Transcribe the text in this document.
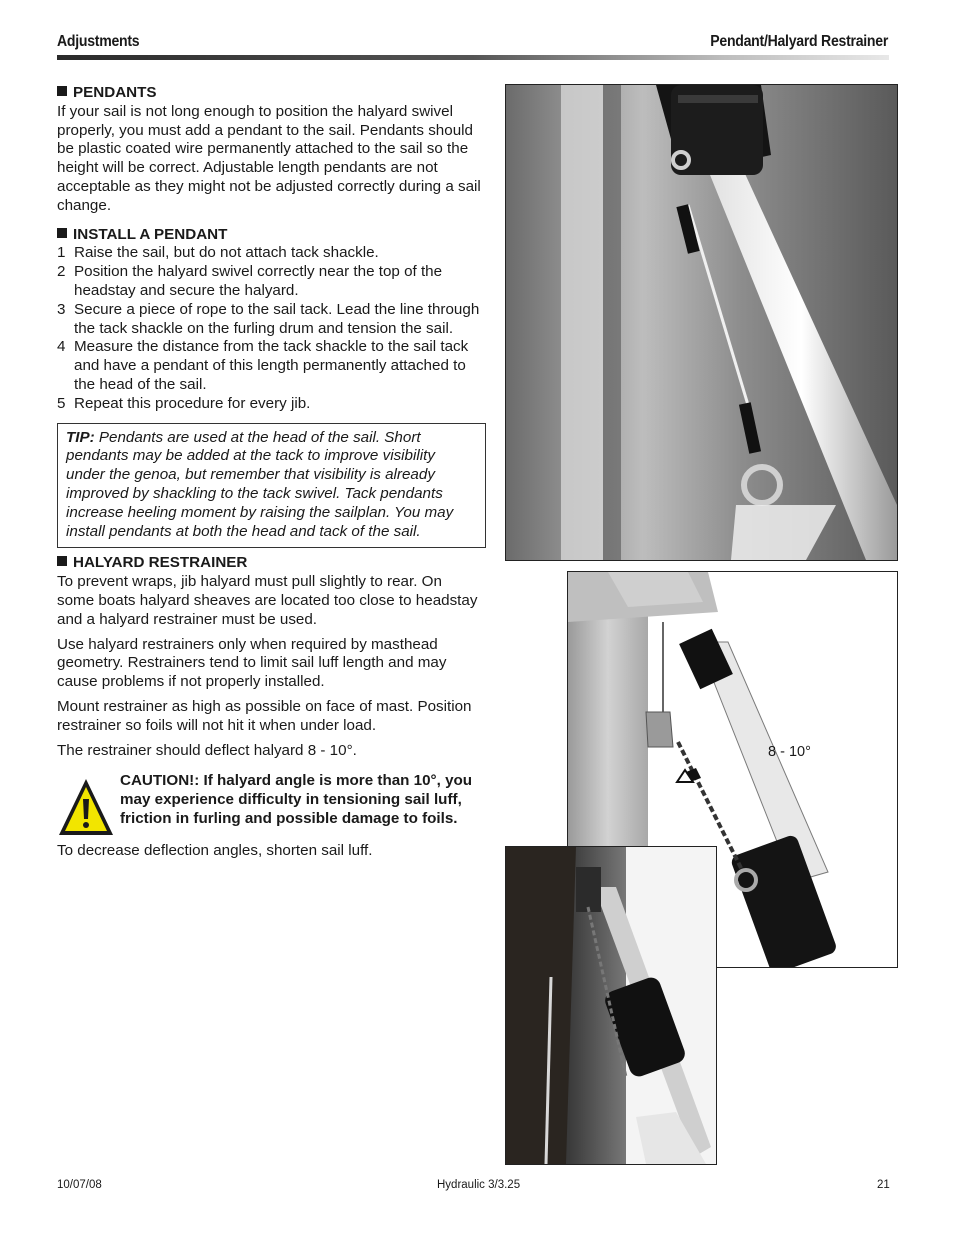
Adjustments	Pendant/Halyard Restrainer

PENDANTS

If your sail is not long enough to position the halyard swivel properly, you must add a pendant to the sail. Pendants should be plastic coated wire permanently attached to the sail so the height will be correct. Adjustable length pendants are not acceptable as they might not be adjusted correctly during a sail change.

INSTALL A PENDANT

1 Raise the sail, but do not attach tack shackle.
2 Position the halyard swivel correctly near the top of the headstay and secure the halyard.
3 Secure a piece of rope to the sail tack. Lead the line through the tack shackle on the furling drum and tension the sail.
4 Measure the distance from the tack shackle to the sail tack and have a pendant of this length permanently attached to the head of the sail.
5 Repeat this procedure for every jib.
TIP: Pendants are used at the head of the sail. Short pendants may be added at the tack to improve visibility under the genoa, but remember that visibility is already improved by shackling to the tack swivel. Tack pendants increase heeling moment by raising the sailplan. You may install pendants at both the head and tack of the sail.

HALYARD RESTRAINER

To prevent wraps, jib halyard must pull slightly to rear. On some boats halyard sheaves are located too close to headstay and a halyard restrainer must be used.

Use halyard restrainers only when required by masthead geometry. Restrainers tend to limit sail luff length and may cause problems if not properly installed.

Mount restrainer as high as possible on face of mast. Position restrainer so foils will not hit it when under load.

The restrainer should deflect halyard 8 - 10°.

CAUTION!: If halyard angle is more than 10°, you may experience difficulty in tensioning sail luff, friction in furling and possible damage to foils.

To decrease deflection angles, shorten sail luff.

8 - 10°
10/07/08	Hydraulic 3/3.25	21
